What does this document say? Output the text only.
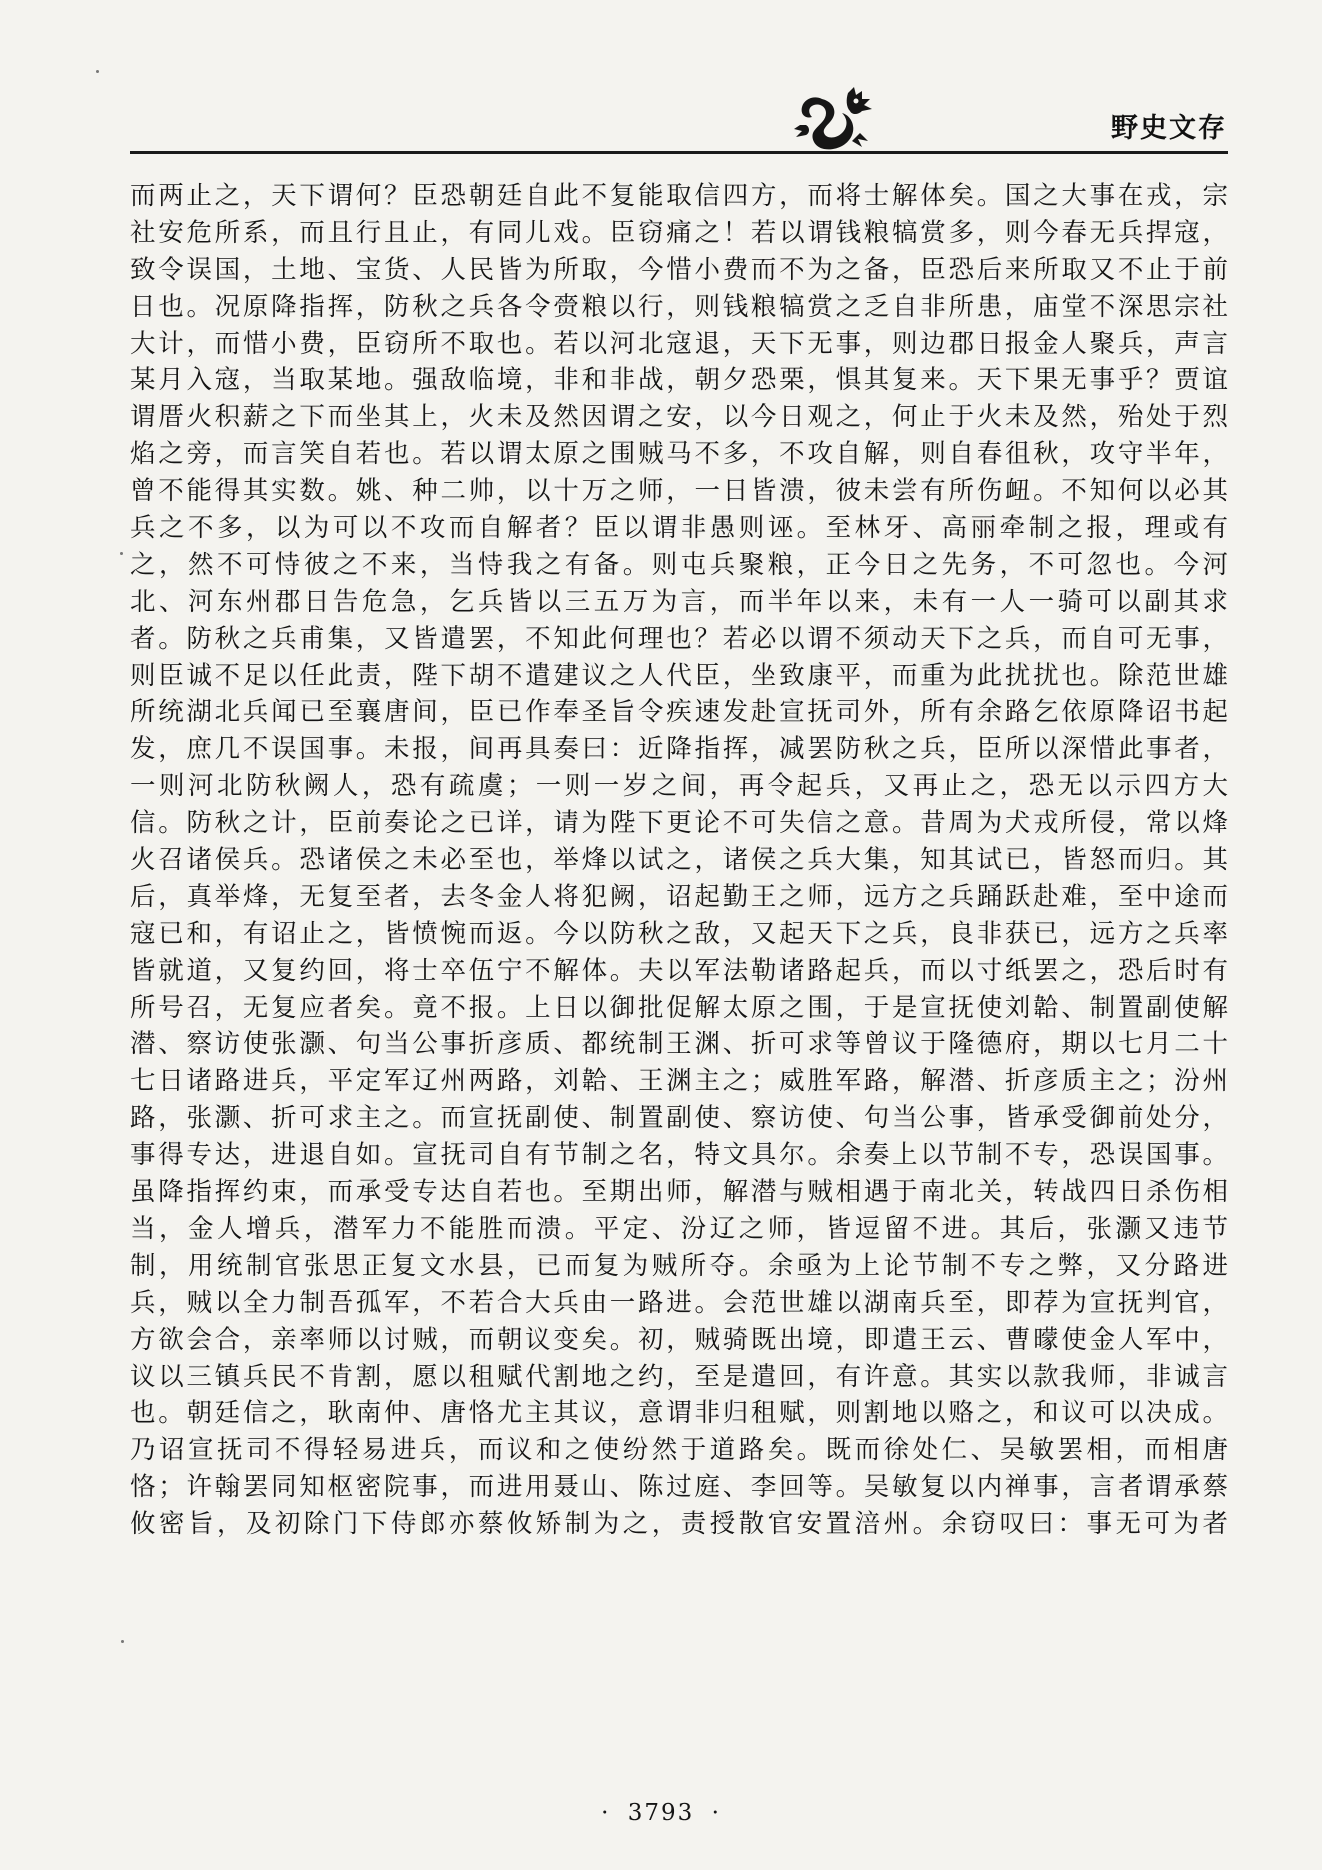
野史文存
而两止之，天下谓何？臣恐朝廷自此不复能取信四方，而将士解体矣。国之大事在戎，宗
社安危所系，而且行且止，有同儿戏。臣窃痛之！若以谓钱粮犒赏多，则今春无兵捍寇，
致令误国，土地、宝货、人民皆为所取，今惜小费而不为之备，臣恐后来所取又不止于前
日也。况原降指挥，防秋之兵各令赍粮以行，则钱粮犒赏之乏自非所患，庙堂不深思宗社
大计，而惜小费，臣窃所不取也。若以河北寇退，天下无事，则边郡日报金人聚兵，声言
某月入寇，当取某地。强敌临境，非和非战，朝夕恐栗，惧其复来。天下果无事乎？贾谊
谓厝火积薪之下而坐其上，火未及然因谓之安，以今日观之，何止于火未及然，殆处于烈
焰之旁，而言笑自若也。若以谓太原之围贼马不多，不攻自解，则自春徂秋，攻守半年，
曾不能得其实数。姚、种二帅，以十万之师，一日皆溃，彼未尝有所伤衄。不知何以必其
兵之不多，以为可以不攻而自解者？臣以谓非愚则诬。至林牙、高丽牵制之报，理或有
之，然不可恃彼之不来，当恃我之有备。则屯兵聚粮，正今日之先务，不可忽也。今河
北、河东州郡日告危急，乞兵皆以三五万为言，而半年以来，未有一人一骑可以副其求
者。防秋之兵甫集，又皆遣罢，不知此何理也？若必以谓不须动天下之兵，而自可无事，
则臣诚不足以任此责，陛下胡不遣建议之人代臣，坐致康平，而重为此扰扰也。除范世雄
所统湖北兵闻已至襄唐间，臣已作奉圣旨令疾速发赴宣抚司外，所有余路乞依原降诏书起
发，庶几不误国事。未报，间再具奏曰：近降指挥，减罢防秋之兵，臣所以深惜此事者，
一则河北防秋阙人，恐有疏虞；一则一岁之间，再令起兵，又再止之，恐无以示四方大
信。防秋之计，臣前奏论之已详，请为陛下更论不可失信之意。昔周为犬戎所侵，常以烽
火召诸侯兵。恐诸侯之未必至也，举烽以试之，诸侯之兵大集，知其试已，皆怒而归。其
后，真举烽，无复至者，去冬金人将犯阙，诏起勤王之师，远方之兵踊跃赴难，至中途而
寇已和，有诏止之，皆愤惋而返。今以防秋之敌，又起天下之兵，良非获已，远方之兵率
皆就道，又复约回，将士卒伍宁不解体。夫以军法勒诸路起兵，而以寸纸罢之，恐后时有
所号召，无复应者矣。竟不报。上日以御批促解太原之围，于是宣抚使刘韐、制置副使解
潜、察访使张灏、句当公事折彦质、都统制王渊、折可求等曾议于隆德府，期以七月二十
七日诸路进兵，平定军辽州两路，刘韐、王渊主之；威胜军路，解潜、折彦质主之；汾州
路，张灏、折可求主之。而宣抚副使、制置副使、察访使、句当公事，皆承受御前处分，
事得专达，进退自如。宣抚司自有节制之名，特文具尔。余奏上以节制不专，恐误国事。
虽降指挥约束，而承受专达自若也。至期出师，解潜与贼相遇于南北关，转战四日杀伤相
当，金人增兵，潜军力不能胜而溃。平定、汾辽之师，皆逗留不进。其后，张灏又违节
制，用统制官张思正复文水县，已而复为贼所夺。余亟为上论节制不专之弊，又分路进
兵，贼以全力制吾孤军，不若合大兵由一路进。会范世雄以湖南兵至，即荐为宣抚判官，
方欲会合，亲率师以讨贼，而朝议变矣。初，贼骑既出境，即遣王云、曹曚使金人军中，
议以三镇兵民不肯割，愿以租赋代割地之约，至是遣回，有许意。其实以款我师，非诚言
也。朝廷信之，耿南仲、唐恪尤主其议，意谓非归租赋，则割地以赂之，和议可以决成。
乃诏宣抚司不得轻易进兵，而议和之使纷然于道路矣。既而徐处仁、吴敏罢相，而相唐
恪；许翰罢同知枢密院事，而进用聂山、陈过庭、李回等。吴敏复以内禅事，言者谓承蔡
攸密旨，及初除门下侍郎亦蔡攸矫制为之，责授散官安置涪州。余窃叹曰：事无可为者
· 3793 ·
